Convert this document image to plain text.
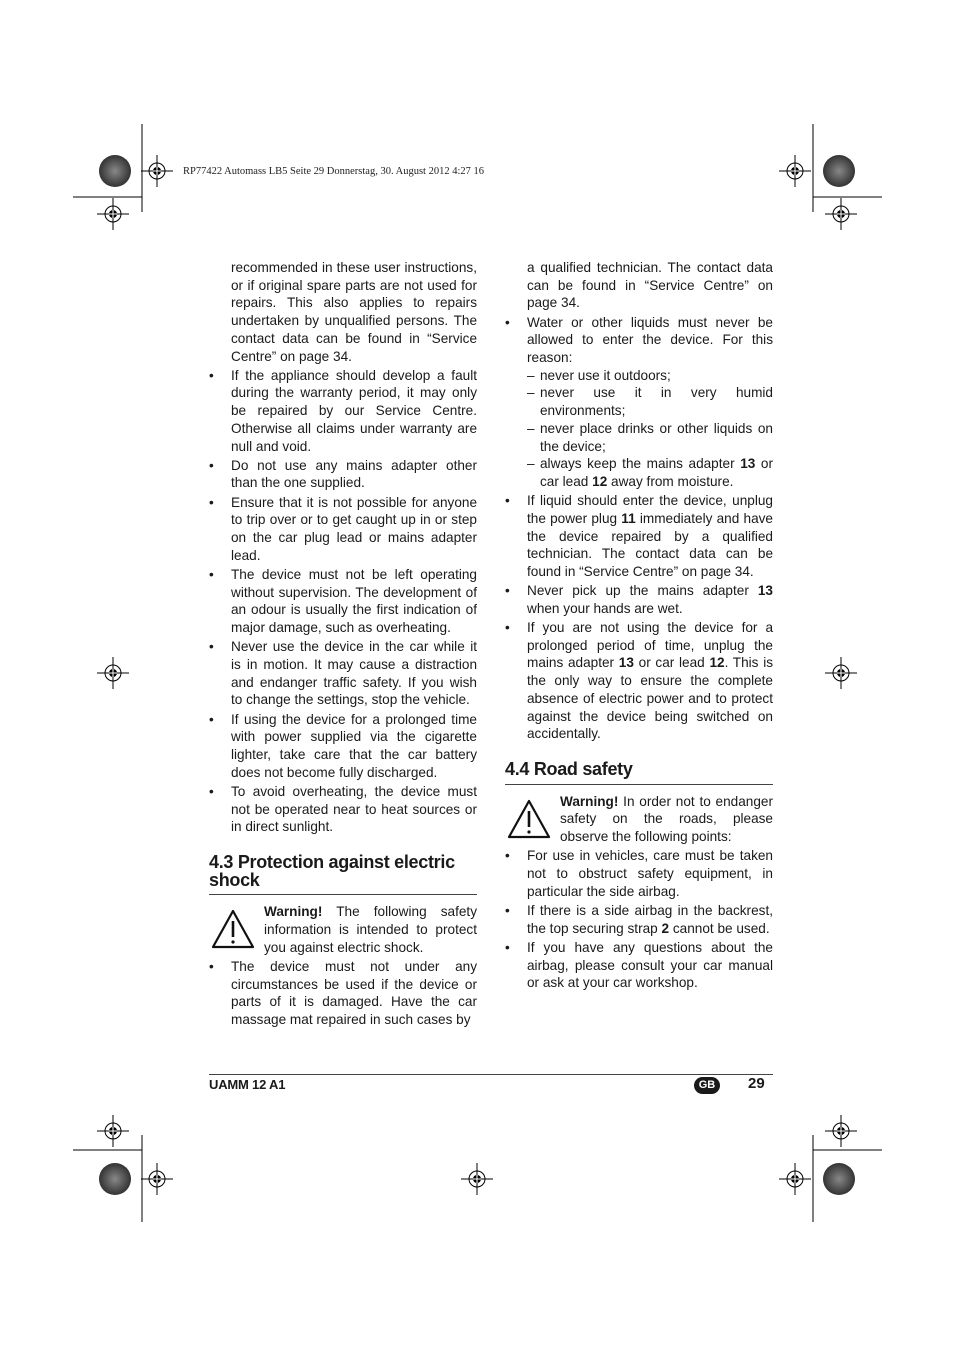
RP77422 Automass LB5 Seite 29 Donnerstag, 30. August 2012 4:27 16

recommended in these user instructions, or if original spare parts are not used for repairs. This also applies to repairs undertaken by unqualified persons. The contact data can be found in “Service Centre” on page 34.

• If the appliance should develop a fault during the warranty period, it may only be repaired by our Service Centre. Otherwise all claims under warranty are null and void.
• Do not use any mains adapter other than the one supplied.
• Ensure that it is not possible for anyone to trip over or to get caught up in or step on the car plug lead or mains adapter lead.
• The device must not be left operating without supervision. The development of an odour is usually the first indication of major damage, such as overheating.
• Never use the device in the car while it is in motion. It may cause a distraction and endanger traffic safety. If you wish to change the settings, stop the vehicle.
• If using the device for a prolonged time with power supplied via the cigarette lighter, take care that the car battery does not become fully discharged.
• To avoid overheating, the device must not be operated near to heat sources or in direct sunlight.
4.3 Protection against electric shock

Warning! The following safety information is intended to protect you against electric shock.

• The device must not under any circumstances be used if the device or parts of it is damaged. Have the car massage mat repaired in such cases by

a qualified technician. The contact data can be found in “Service Centre” on page 34.

• Water or other liquids must never be allowed to enter the device. For this reason:
– never use it outdoors;
– never use it in very humid environments;
– never place drinks or other liquids on the device;
– always keep the mains adapter 13 or car lead 12 away from moisture.
• If liquid should enter the device, unplug the power plug 11 immediately and have the device repaired by a qualified technician. The contact data can be found in “Service Centre” on page 34.
• Never pick up the mains adapter 13 when your hands are wet.
• If you are not using the device for a prolonged period of time, unplug the mains adapter 13 or car lead 12. This is the only way to ensure the complete absence of electric power and to protect against the device being switched on accidentally.
4.4 Road safety

Warning! In order not to endanger safety on the roads, please observe the following points:

• For use in vehicles, care must be taken not to obstruct safety equipment, in particular the side airbag.
• If there is a side airbag in the backrest, the top securing strap 2 cannot be used.
• If you have any questions about the airbag, please consult your car manual or ask at your car workshop.
UAMM 12 A1	GB	29
